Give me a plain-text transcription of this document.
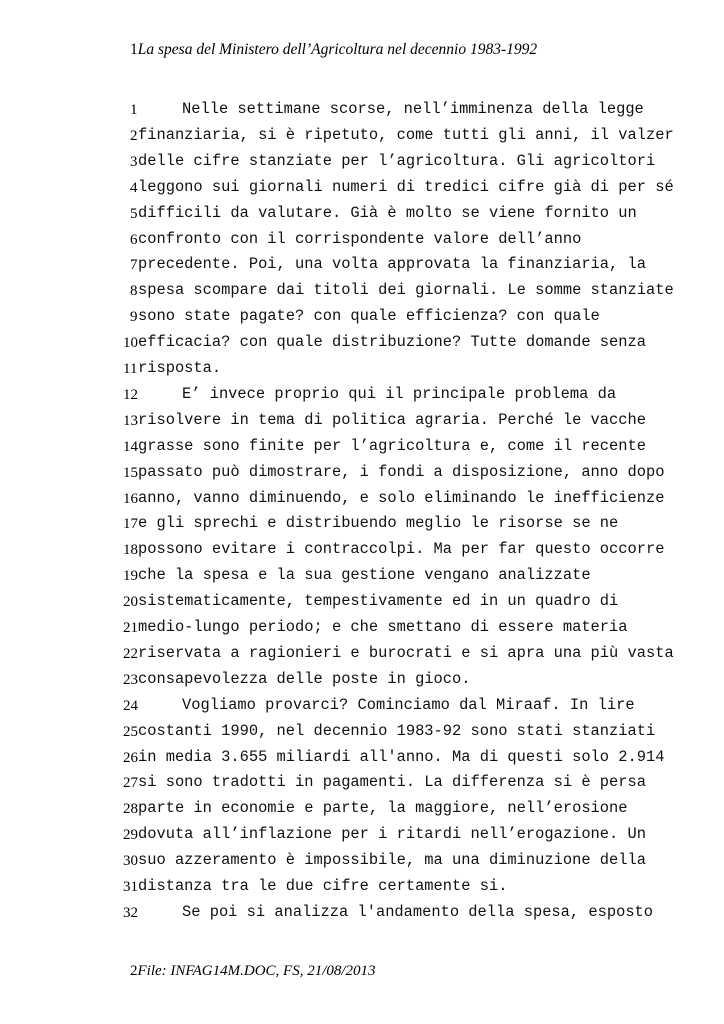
1La spesa del Ministero dell’Agricoltura nel decennio 1983-1992
1	Nelle settimane scorse, nell’imminenza della legge
2 finanziaria, si è ripetuto, come tutti gli anni, il valzer
3 delle cifre stanziate per l’agricoltura. Gli agricoltori
4 leggono sui giornali numeri di tredici cifre già di per sé
5 difficili da valutare. Già è molto se viene fornito un
6 confronto con il corrispondente valore dell’anno
7 precedente. Poi, una volta approvata la finanziaria, la
8 spesa scompare dai titoli dei giornali. Le somme stanziate
9 sono state pagate? con quale efficienza? con quale
10 efficacia? con quale distribuzione? Tutte domande senza
11 risposta.
12	E’ invece proprio qui il principale problema da
13 risolvere in tema di politica agraria. Perché le vacche
14 grasse sono finite per l’agricoltura e, come il recente
15 passato può dimostrare, i fondi a disposizione, anno dopo
16 anno, vanno diminuendo, e solo eliminando le inefficienze
17 e gli sprechi e distribuendo meglio le risorse se ne
18 possono evitare i contraccolpi. Ma per far questo occorre
19 che la spesa e la sua gestione vengano analizzate
20 sistematicamente, tempestivamente ed in un quadro di
21 medio-lungo periodo; e che smettano di essere materia
22 riservata a ragionieri e burocrati e si apra una più vasta
23 consapevolezza delle poste in gioco.
24	Vogliamo provarci? Cominciamo dal Miraaf. In lire
25 costanti 1990, nel decennio 1983-92 sono stati stanziati
26 in media 3.655 miliardi all'anno. Ma di questi solo 2.914
27 si sono tradotti in pagamenti. La differenza si è persa
28 parte in economie e parte, la maggiore, nell’erosione
29 dovuta all’inflazione per i ritardi nell’erogazione. Un
30 suo azzeramento è impossibile, ma una diminuzione della
31 distanza tra le due cifre certamente si.
32	Se poi si analizza l'andamento della spesa, esposto
2File: INFAG14M.DOC, FS, 21/08/2013
